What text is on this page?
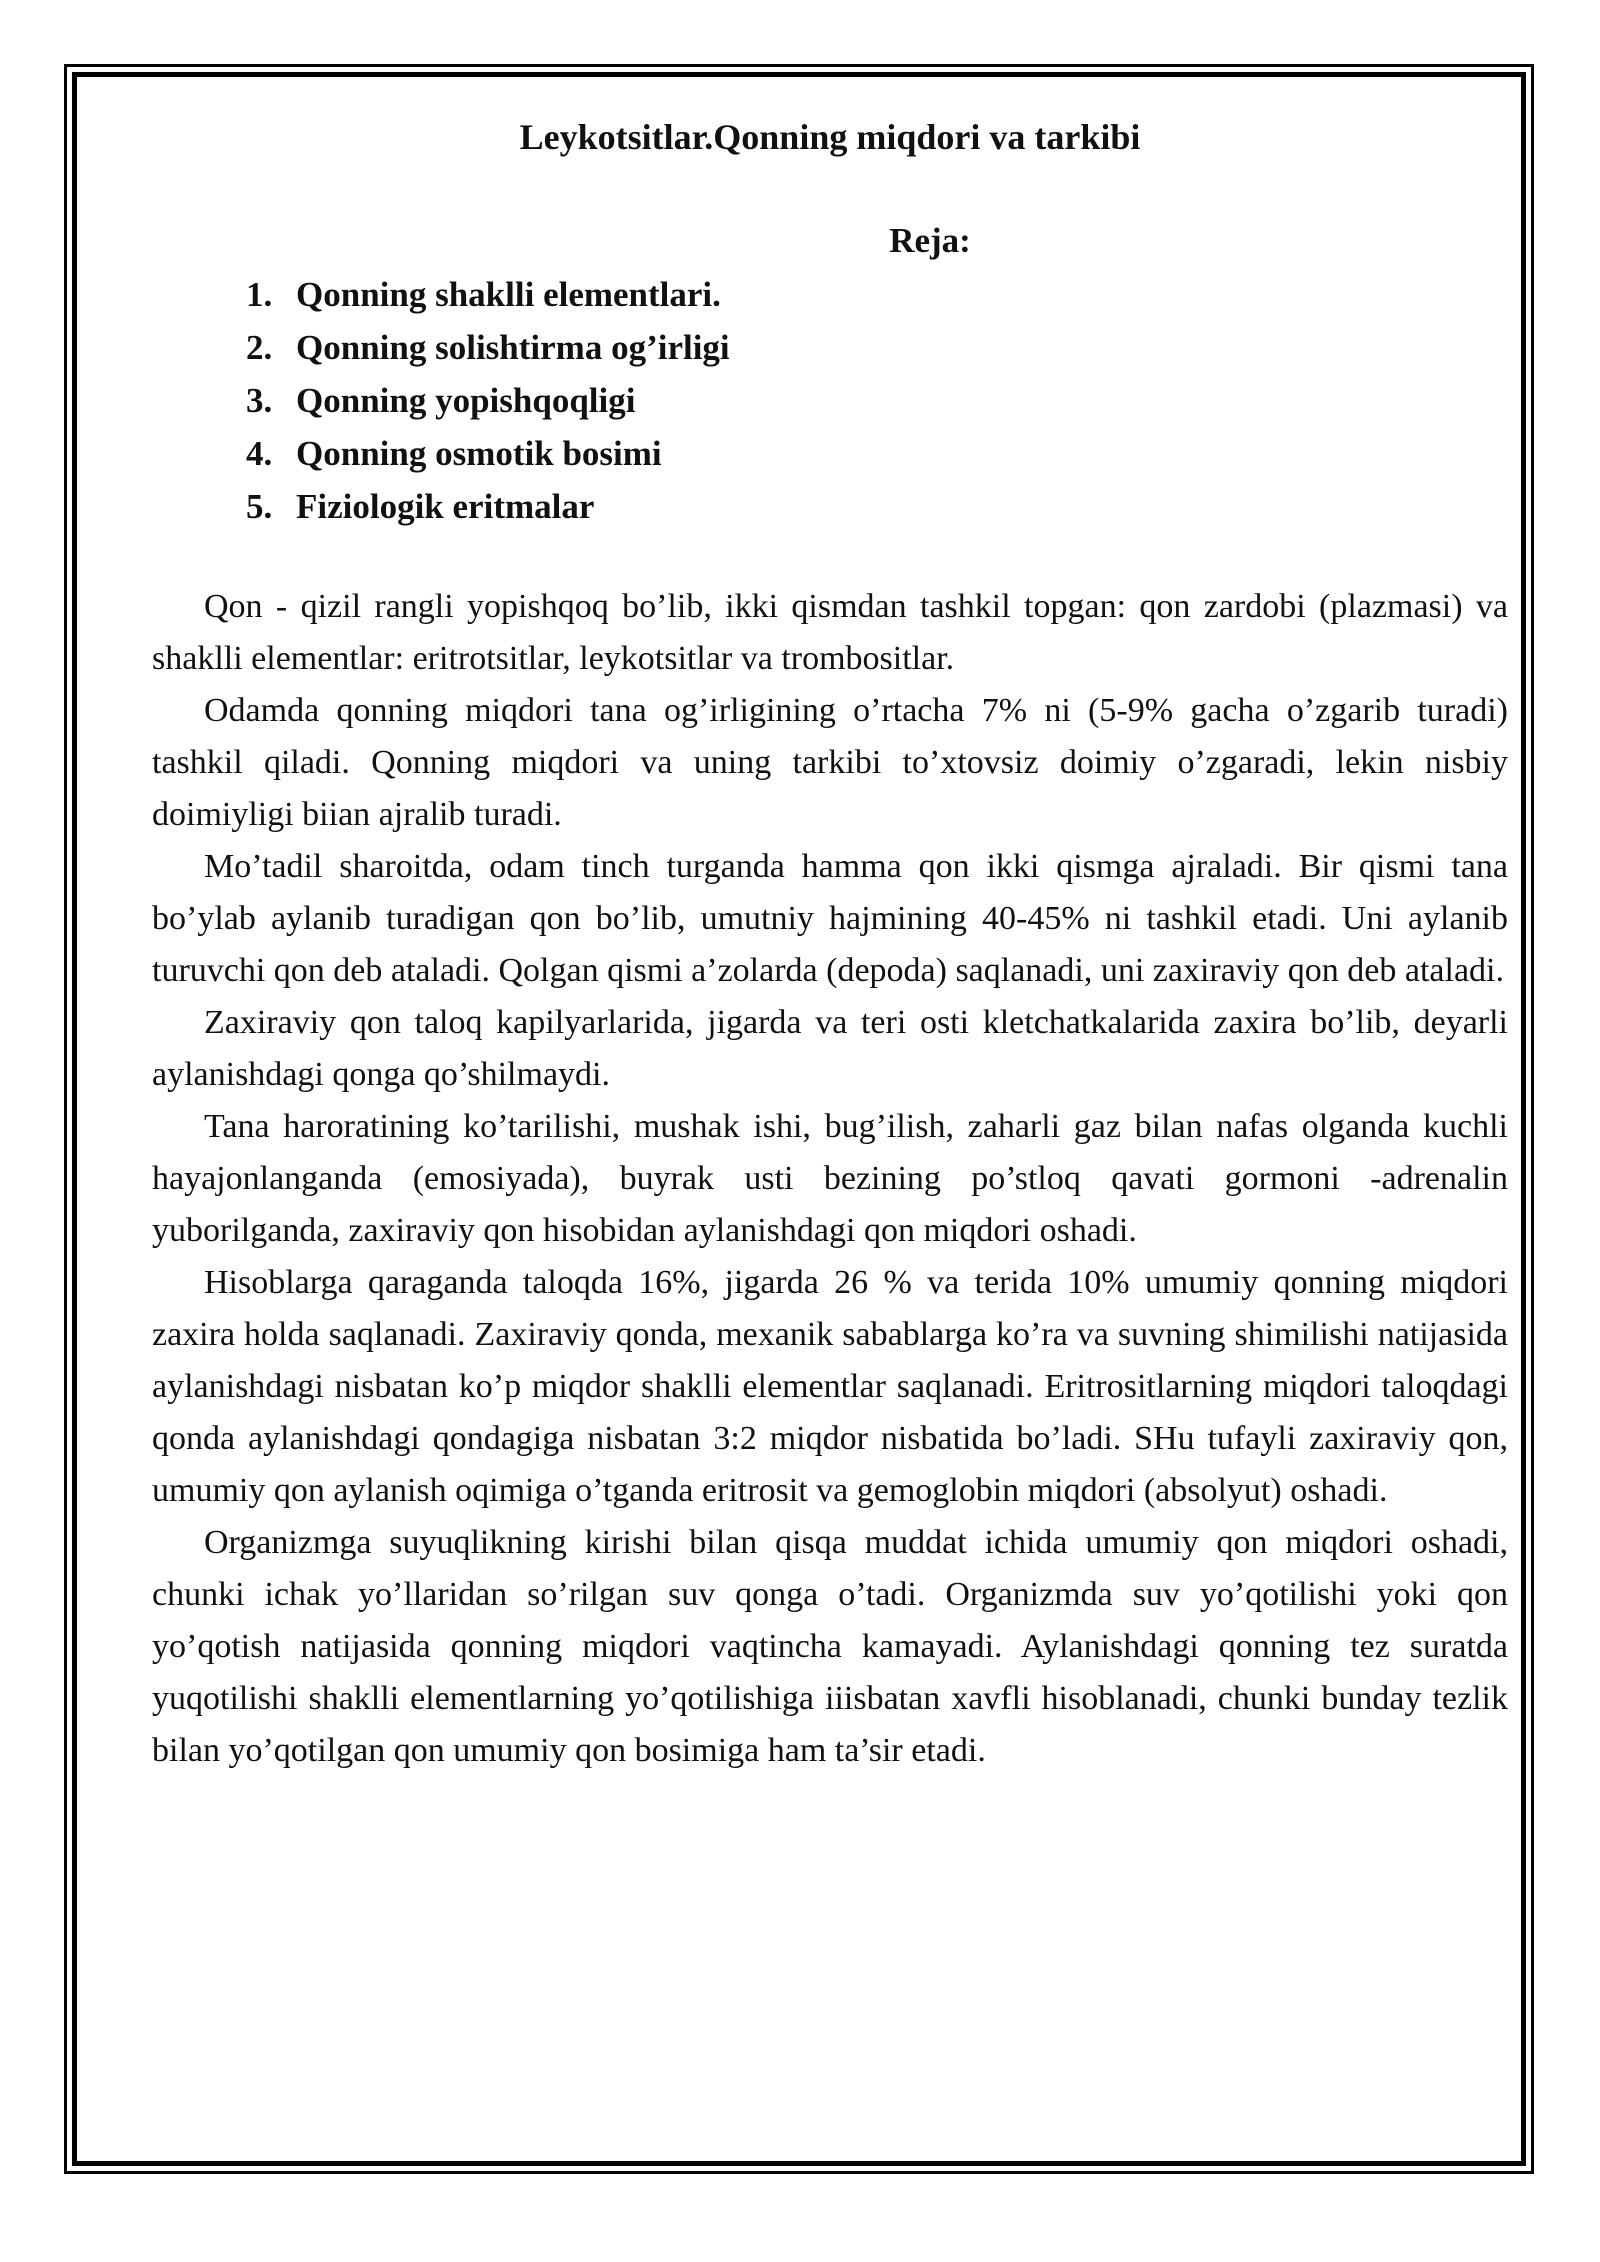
Leykotsitlar.Qonning miqdori va tarkibi
Reja:
1. Qonning shaklli elementlari.
2. Qonning solishtirma og’irligi
3. Qonning yopishqoqligi
4. Qonning osmotik bosimi
5. Fiziologik eritmalar

Qon - qizil rangli yopishqoq bo’lib, ikki qismdan tashkil topgan: qon zardobi (plazmasi) va shaklli elementlar: eritrotsitlar, leykotsitlar va trombositlar.

Odamda qonning miqdori tana og’irligining o’rtacha 7% ni (5-9% gacha o’zgarib turadi) tashkil qiladi. Qonning miqdori va uning tarkibi to’xtovsiz doimiy o’zgaradi, lekin nisbiy doimiyligi biian ajralib turadi.

Mo’tadil sharoitda, odam tinch turganda hamma qon ikki qismga ajraladi. Bir qismi tana bo’ylab aylanib turadigan qon bo’lib, umutniy hajmining 40-45% ni tashkil etadi. Uni aylanib turuvchi qon deb ataladi. Qolgan qismi a’zolarda (depoda) saqlanadi, uni zaxiraviy qon deb ataladi.

Zaxiraviy qon taloq kapilyarlarida, jigarda va teri osti kletchatkalarida zaxira bo’lib, deyarli aylanishdagi qonga qo’shilmaydi.

Tana haroratining ko’tarilishi, mushak ishi, bug’ilish, zaharli gaz bilan nafas olganda kuchli hayajonlanganda (emosiyada), buyrak usti bezining po’stloq qavati gormoni -adrenalin yuborilganda, zaxiraviy qon hisobidan aylanishdagi qon miqdori oshadi.

Hisoblarga qaraganda taloqda 16%, jigarda 26 % va terida 10% umumiy qonning miqdori zaxira holda saqlanadi. Zaxiraviy qonda, mexanik sabablarga ko’ra va suvning shimilishi natijasida aylanishdagi nisbatan ko’p miqdor shaklli elementlar saqlanadi. Eritrositlarning miqdori taloqdagi qonda aylanishdagi qondagiga nisbatan 3:2 miqdor nisbatida bo’ladi. SHu tufayli zaxiraviy qon, umumiy qon aylanish oqimiga o’tganda eritrosit va gemoglobin miqdori (absolyut) oshadi.

Organizmga suyuqlikning kirishi bilan qisqa muddat ichida umumiy qon miqdori oshadi, chunki ichak yo’llaridan so’rilgan suv qonga o’tadi. Organizmda suv yo’qotilishi yoki qon yo’qotish natijasida qonning miqdori vaqtincha kamayadi. Aylanishdagi qonning tez suratda yuqotilishi shaklli elementlarning yo’qotilishiga iiisbatan xavfli hisoblanadi, chunki bunday tezlik bilan yo’qotilgan qon umumiy qon bosimiga ham ta’sir etadi.
